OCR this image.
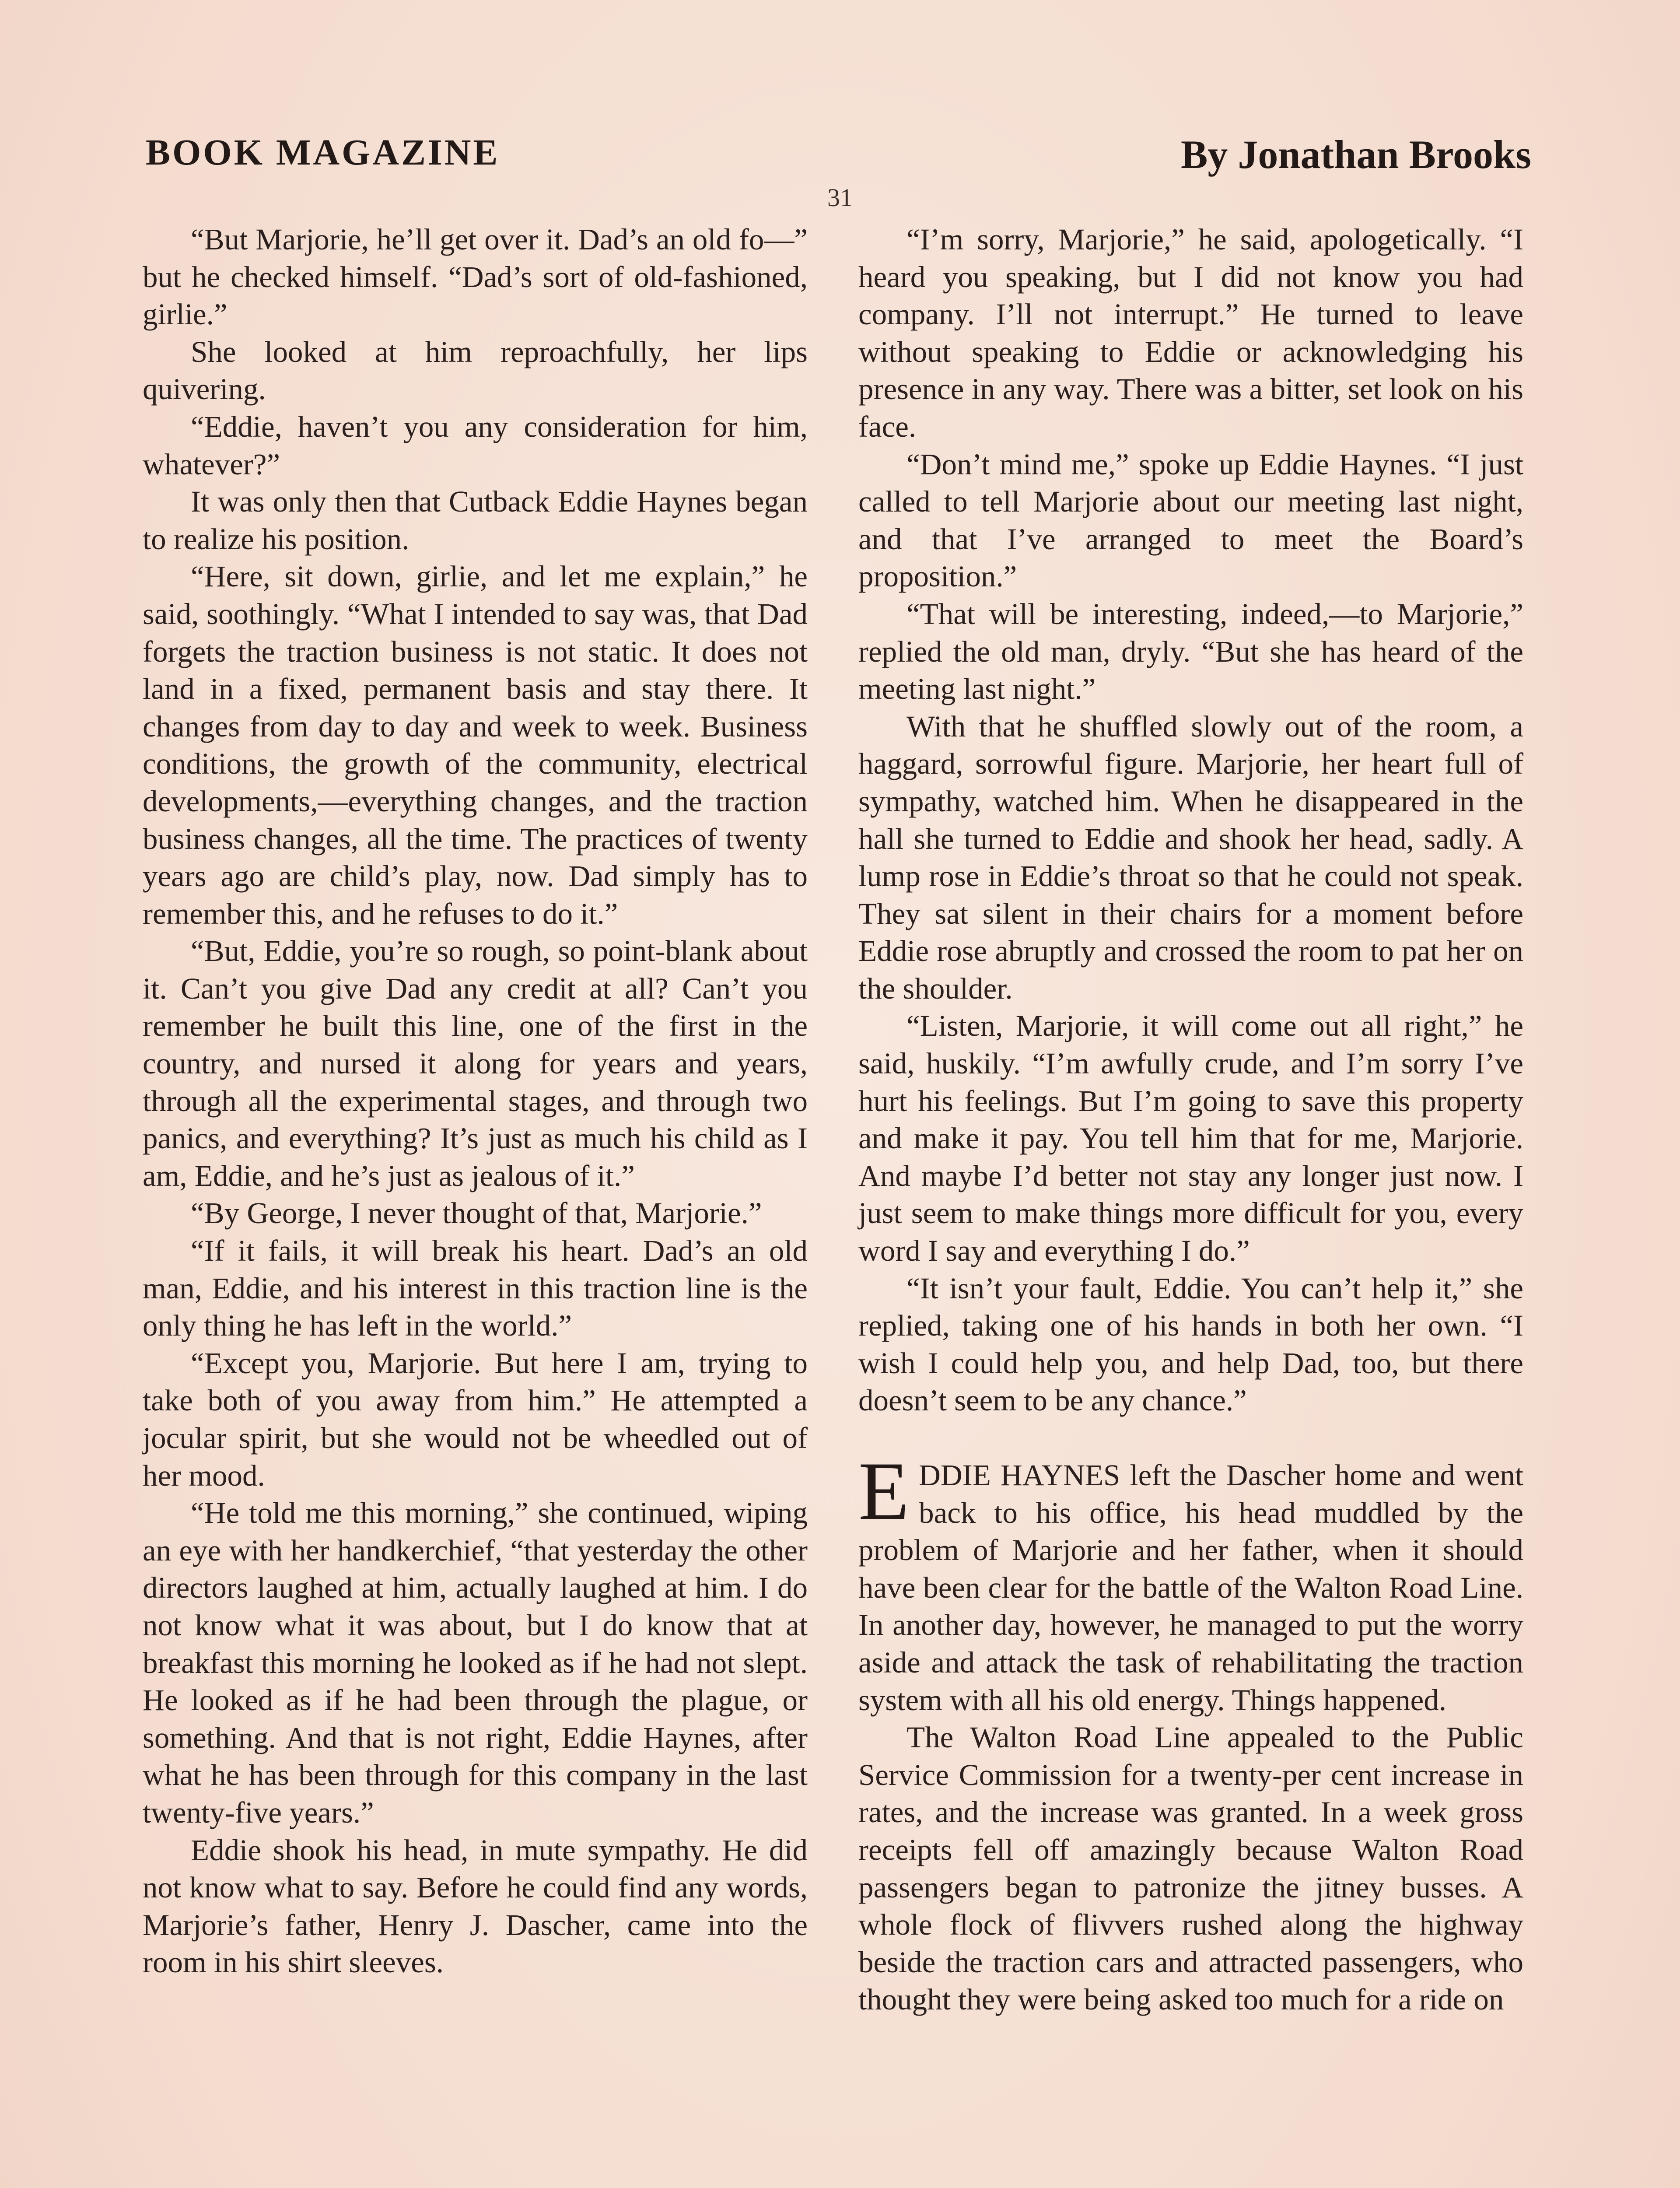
BOOK MAGAZINE	By Jonathan Brooks
31

“But Marjorie, he’ll get over it. Dad’s an old fo—” but he checked himself. “Dad’s sort of old-fashioned, girlie.”

She looked at him reproachfully, her lips quivering.

“Eddie, haven’t you any consideration for him, whatever?”

It was only then that Cutback Eddie Haynes began to realize his position.

“Here, sit down, girlie, and let me explain,” he said, soothingly. “What I intended to say was, that Dad forgets the traction business is not static. It does not land in a fixed, permanent basis and stay there. It changes from day to day and week to week. Business conditions, the growth of the community, electrical developments,—everything changes, and the traction business changes, all the time. The practices of twenty years ago are child’s play, now. Dad simply has to remember this, and he refuses to do it.”

“But, Eddie, you’re so rough, so point-blank about it. Can’t you give Dad any credit at all? Can’t you remember he built this line, one of the first in the country, and nursed it along for years and years, through all the experimental stages, and through two panics, and everything? It’s just as much his child as I am, Eddie, and he’s just as jealous of it.”

“By George, I never thought of that, Marjorie.”

“If it fails, it will break his heart. Dad’s an old man, Eddie, and his interest in this traction line is the only thing he has left in the world.”

“Except you, Marjorie. But here I am, trying to take both of you away from him.” He attempted a jocular spirit, but she would not be wheedled out of her mood.

“He told me this morning,” she continued, wiping an eye with her handkerchief, “that yesterday the other directors laughed at him, actually laughed at him. I do not know what it was about, but I do know that at breakfast this morning he looked as if he had not slept. He looked as if he had been through the plague, or something. And that is not right, Eddie Haynes, after what he has been through for this company in the last twenty-five years.”

Eddie shook his head, in mute sympathy. He did not know what to say. Before he could find any words, Marjorie’s father, Henry J. Dascher, came into the room in his shirt sleeves.

“I’m sorry, Marjorie,” he said, apologetically. “I heard you speaking, but I did not know you had company. I’ll not interrupt.” He turned to leave without speaking to Eddie or acknowledging his presence in any way. There was a bitter, set look on his face.

“Don’t mind me,” spoke up Eddie Haynes. “I just called to tell Marjorie about our meeting last night, and that I’ve arranged to meet the Board’s proposition.”

“That will be interesting, indeed,—to Marjorie,” replied the old man, dryly. “But she has heard of the meeting last night.”

With that he shuffled slowly out of the room, a haggard, sorrowful figure. Marjorie, her heart full of sympathy, watched him. When he disappeared in the hall she turned to Eddie and shook her head, sadly. A lump rose in Eddie’s throat so that he could not speak. They sat silent in their chairs for a moment before Eddie rose abruptly and crossed the room to pat her on the shoulder.

“Listen, Marjorie, it will come out all right,” he said, huskily. “I’m awfully crude, and I’m sorry I’ve hurt his feelings. But I’m going to save this property and make it pay. You tell him that for me, Marjorie. And maybe I’d better not stay any longer just now. I just seem to make things more difficult for you, every word I say and everything I do.”

“It isn’t your fault, Eddie. You can’t help it,” she replied, taking one of his hands in both her own. “I wish I could help you, and help Dad, too, but there doesn’t seem to be any chance.”

EDDIE HAYNES left the Dascher home and went back to his office, his head muddled by the problem of Marjorie and her father, when it should have been clear for the battle of the Walton Road Line. In another day, however, he managed to put the worry aside and attack the task of rehabilitating the traction system with all his old energy. Things happened.

The Walton Road Line appealed to the Public Service Commission for a twenty-per cent increase in rates, and the increase was granted. In a week gross receipts fell off amazingly because Walton Road passengers began to patronize the jitney busses. A whole flock of flivvers rushed along the highway beside the traction cars and attracted passengers, who thought they were being asked too much for a ride on
